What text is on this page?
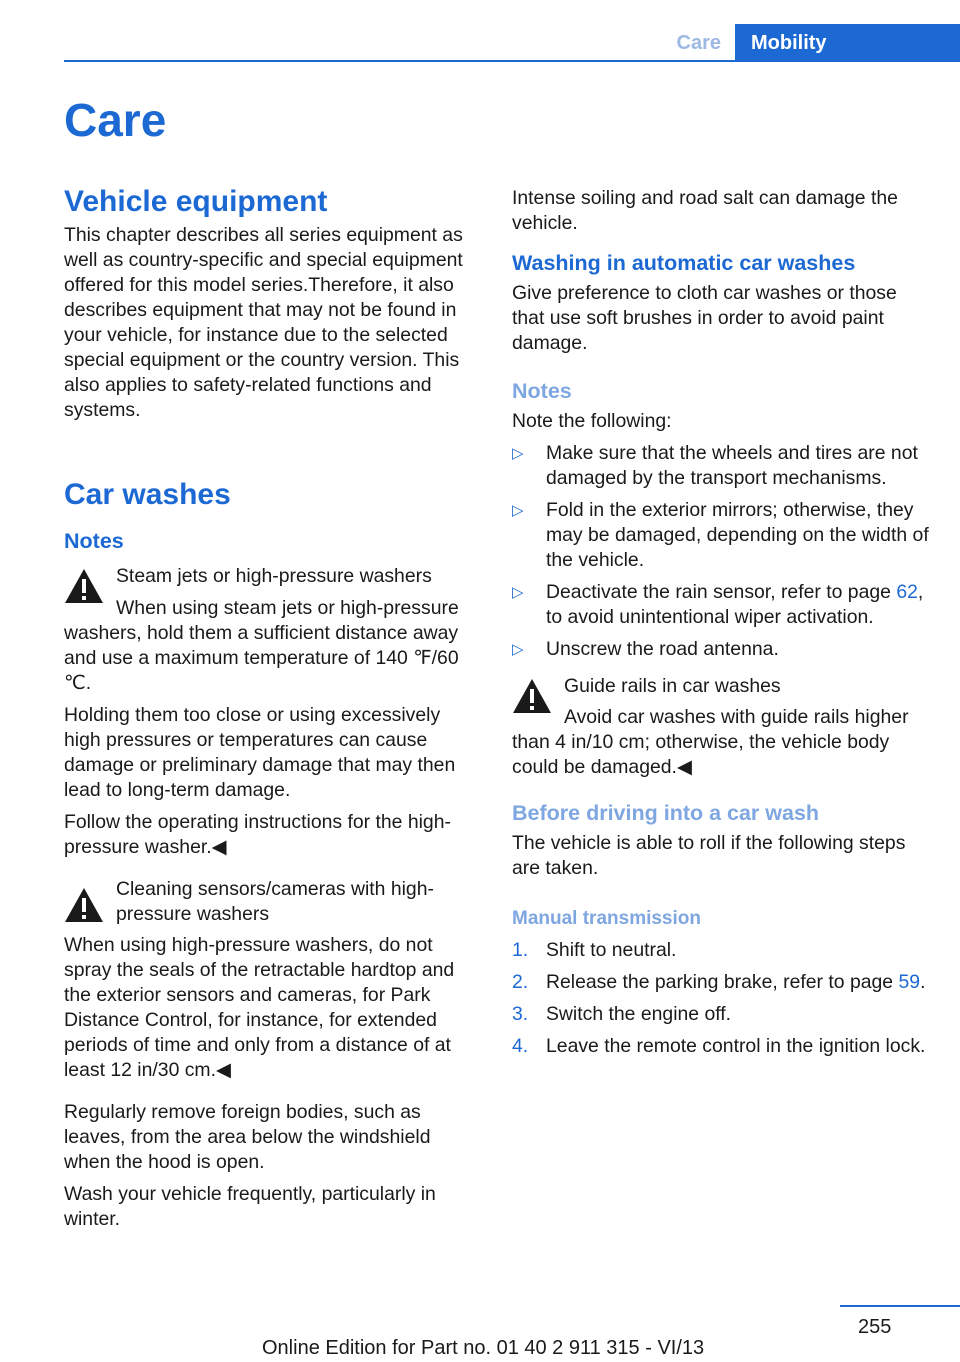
Care	Mobility
Care
Vehicle equipment

This chapter describes all series equipment as well as country-specific and special equipment offered for this model series.Therefore, it also describes equipment that may not be found in your vehicle, for instance due to the selected special equipment or the country version. This also applies to safety-related functions and systems.

Car washes
Notes
Steam jets or high-pressure washers

When using steam jets or high-pressure washers, hold them a sufficient distance away and use a maximum temperature of 140 ℉/60 ℃.

Holding them too close or using excessively high pressures or temperatures can cause damage or preliminary damage that may then lead to long-term damage.

Follow the operating instructions for the high-pressure washer.◀

Cleaning sensors/cameras with high-pressure washers

When using high-pressure washers, do not spray the seals of the retractable hardtop and the exterior sensors and cameras, for Park Distance Control, for instance, for extended periods of time and only from a distance of at least 12 in/30 cm.◀

Regularly remove foreign bodies, such as leaves, from the area below the windshield when the hood is open.

Wash your vehicle frequently, particularly in winter.

Intense soiling and road salt can damage the vehicle.

Washing in automatic car washes

Give preference to cloth car washes or those that use soft brushes in order to avoid paint damage.

Notes

Note the following:

▷ Make sure that the wheels and tires are not damaged by the transport mechanisms.
▷ Fold in the exterior mirrors; otherwise, they may be damaged, depending on the width of the vehicle.
▷ Deactivate the rain sensor, refer to page 62, to avoid unintentional wiper activation.
▷ Unscrew the road antenna.
Guide rails in car washes

Avoid car washes with guide rails higher than 4 in/10 cm; otherwise, the vehicle body could be damaged.◀

Before driving into a car wash

The vehicle is able to roll if the following steps are taken.

Manual transmission
1. Shift to neutral.
2. Release the parking brake, refer to page 59.
3. Switch the engine off.
4. Leave the remote control in the ignition lock.
255
Online Edition for Part no. 01 40 2 911 315 - VI/13
